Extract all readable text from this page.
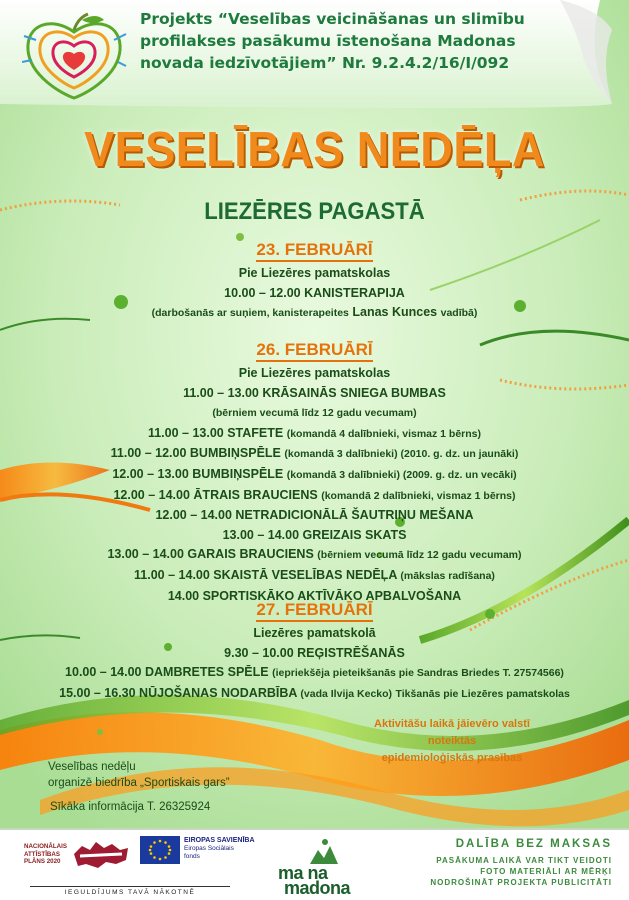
Projekts “Veselības veicināšanas un slimību
profilakses pasākumu īstenošana Madonas
novada iedzīvotājiem” Nr. 9.2.4.2/16/I/092
VESELĪBAS NEDĒĻA
LIEZĒRES PAGASTĀ
23. FEBRUĀRĪ
Pie Liezēres pamatskolas
10.00 – 12.00 KANISTERAPIJA
(darbošanās ar suņiem, kanisterapeites Lanas Kunces vadībā)
26. FEBRUĀRĪ
Pie Liezēres pamatskolas
11.00 – 13.00 KRĀSAINĀS SNIEGA BUMBAS
(bērniem vecumā līdz 12 gadu vecumam)
11.00 – 13.00 STAFETE (komandā 4 dalībnieki, vismaz 1 bērns)
11.00 – 12.00 BUMBIŅSPĒLE (komandā 3 dalībnieki) (2010. g. dz. un jaunāki)
12.00 – 13.00 BUMBIŅSPĒLE (komandā 3 dalībnieki) (2009. g. dz. un vecāki)
12.00 – 14.00 ĀTRAIS BRAUCIENS (komandā 2 dalībnieki, vismaz 1 bērns)
12.00 – 14.00 NETRADICIONĀLĀ ŠAUTRIŅU MEŠANA
13.00 – 14.00 GREIZAIS SKATS
13.00 – 14.00 GARAIS BRAUCIENS (bērniem vecumā līdz 12 gadu vecumam)
11.00 – 14.00 SKAISTĀ VESELĪBAS NEDĒĻA (mākslas radīšana)
14.00 SPORTISKĀKO AKTĪVĀKO APBALVOŠANA
27. FEBRUĀRĪ
Liezēres pamatskolā
9.30 – 10.00 REĢISTRĒŠANĀS
10.00 – 14.00 DAMBRETES SPĒLE (iepriekšēja pieteikšanās pie Sandras Briedes T. 27574566)
15.00 – 16.30 NŪJOŠANAS NODARBĪBA (vada Ilvija Kecko) Tikšanās pie Liezēres pamatskolas
Aktivitāšu laikā jāievēro valstī noteiktās
epidemioloģiskās prasības
Veselības nedēļu
organizē biedrība „Sportiskais gars”
Sīkāka informācija T. 26325924
NACIONĀLAIS
ATTĪSTĪBAS
PLĀNS 2020
EIROPAS SAVIENĪBA
Eiropas Sociālais
fonds
IEGULDĪJUMS TAVĀ NĀKOTNĒ
ma na
madona
DALĪBA BEZ MAKSAS
PASĀKUMA LAIKĀ VAR TIKT VEIDOTI
FOTO MATERIĀLI AR MĒRĶI
NODROŠINĀT PROJEKTA PUBLICITĀTI
